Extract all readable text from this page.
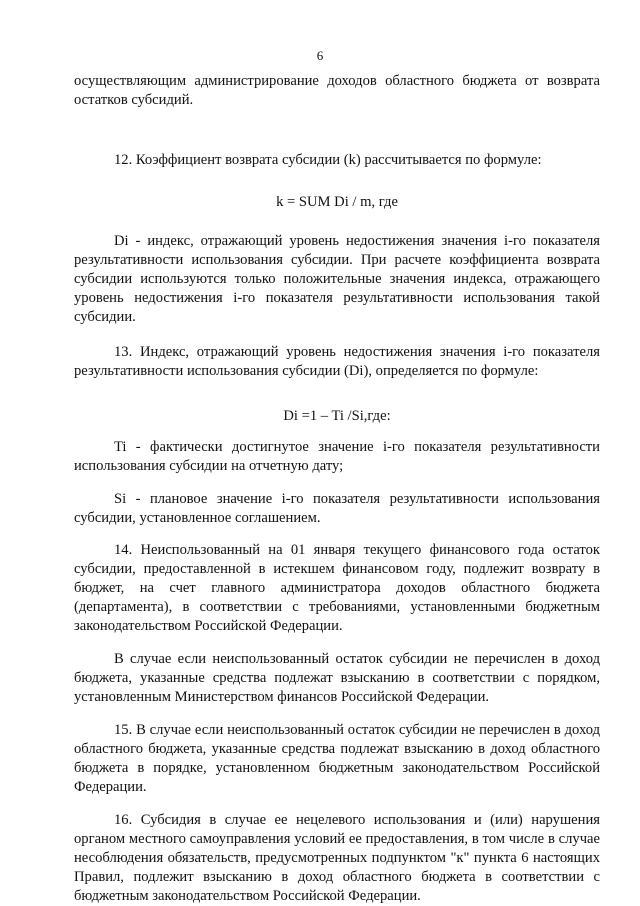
6

осуществляющим администрирование доходов областного бюджета от возврата остатков субсидий.

12. Коэффициент возврата субсидии (k) рассчитывается по формуле:

k = SUM Di / m, где

Di - индекс, отражающий уровень недостижения значения i-го показателя результативности использования субсидии. При расчете коэффициента возврата субсидии используются только положительные значения индекса, отражающего уровень недостижения i-го показателя результативности использования такой субсидии.

13. Индекс, отражающий уровень недостижения значения i-го показателя результативности использования субсидии (Di), определяется по формуле:

Di =1 – Ti /Si,где:

Ti - фактически достигнутое значение i-го показателя результативности использования субсидии на отчетную дату;

Si - плановое значение i-го показателя результативности использования субсидии, установленное соглашением.

14. Неиспользованный на 01 января текущего финансового года остаток субсидии, предоставленной в истекшем финансовом году, подлежит возврату в бюджет, на счет главного администратора доходов областного бюджета (департамента), в соответствии с требованиями, установленными бюджетным законодательством Российской Федерации.

В случае если неиспользованный остаток субсидии не перечислен в доход бюджета, указанные средства подлежат взысканию в соответствии с порядком, установленным Министерством финансов Российской Федерации.

15. В случае если неиспользованный остаток субсидии не перечислен в доход областного бюджета, указанные средства подлежат взысканию в доход областного бюджета в порядке, установленном бюджетным законодательством Российской Федерации.

16. Субсидия в случае ее нецелевого использования и (или) нарушения органом местного самоуправления условий ее предоставления, в том числе в случае несоблюдения обязательств, предусмотренных подпунктом "к" пункта 6 настоящих Правил, подлежит взысканию в доход областного бюджета в соответствии с бюджетным законодательством Российской Федерации.
